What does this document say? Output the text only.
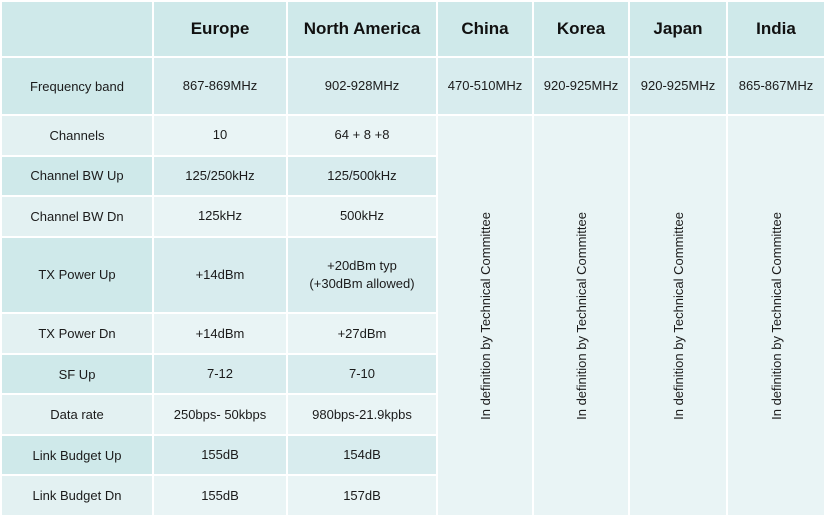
	Europe	North America	China	Korea	Japan	India
Frequency band	867-869MHz	902-928MHz	470-510MHz	920-925MHz	920-925MHz	865-867MHz
Channels	10	64 + 8 +8	In definition by Technical Committee	In definition by Technical Committee	In definition by Technical Committee	In definition by Technical Committee

Channel BW Up	125/250kHz	125/500kHz				
Channel BW Dn	125kHz	500kHz				
TX Power Up	+14dBm	+20dBm typ
(+30dBm allowed)				

TX Power Dn	+14dBm	+27dBm				
SF Up	7-12	7-10				
Data rate	250bps- 50kbps	980bps-21.9kpbs				
Link Budget Up	155dB	154dB				
Link Budget Dn	155dB	157dB				
